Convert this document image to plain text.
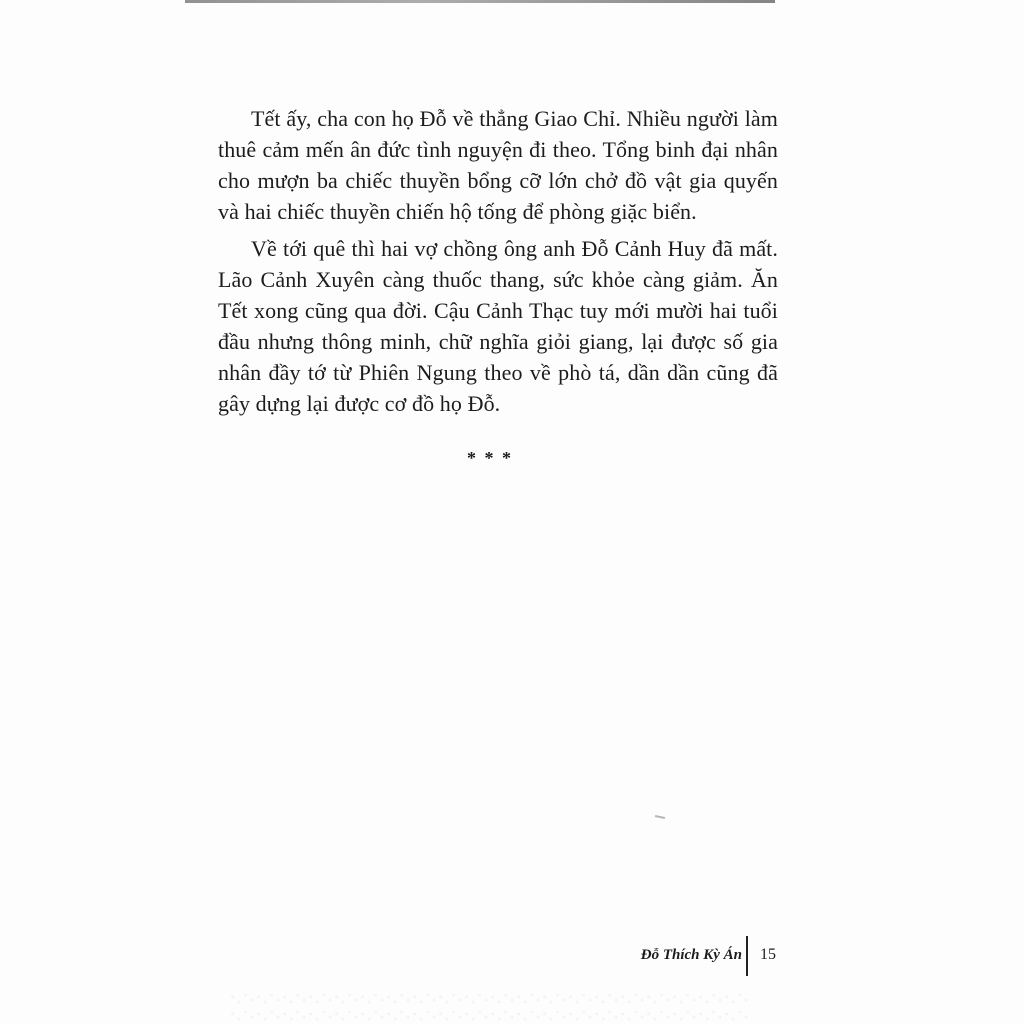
Tết ấy, cha con họ Đỗ về thẳng Giao Chỉ. Nhiều người làm thuê cảm mến ân đức tình nguyện đi theo. Tổng binh đại nhân cho mượn ba chiếc thuyền bổng cỡ lớn chở đồ vật gia quyến và hai chiếc thuyền chiến hộ tống để phòng giặc biển.

Về tới quê thì hai vợ chồng ông anh Đỗ Cảnh Huy đã mất. Lão Cảnh Xuyên càng thuốc thang, sức khỏe càng giảm. Ăn Tết xong cũng qua đời. Cậu Cảnh Thạc tuy mới mười hai tuổi đầu nhưng thông minh, chữ nghĩa giỏi giang, lại được số gia nhân đầy tớ từ Phiên Ngung theo về phò tá, dần dần cũng đã gây dựng lại được cơ đồ họ Đỗ.

* * *
Đỗ Thích Kỳ Án 15
